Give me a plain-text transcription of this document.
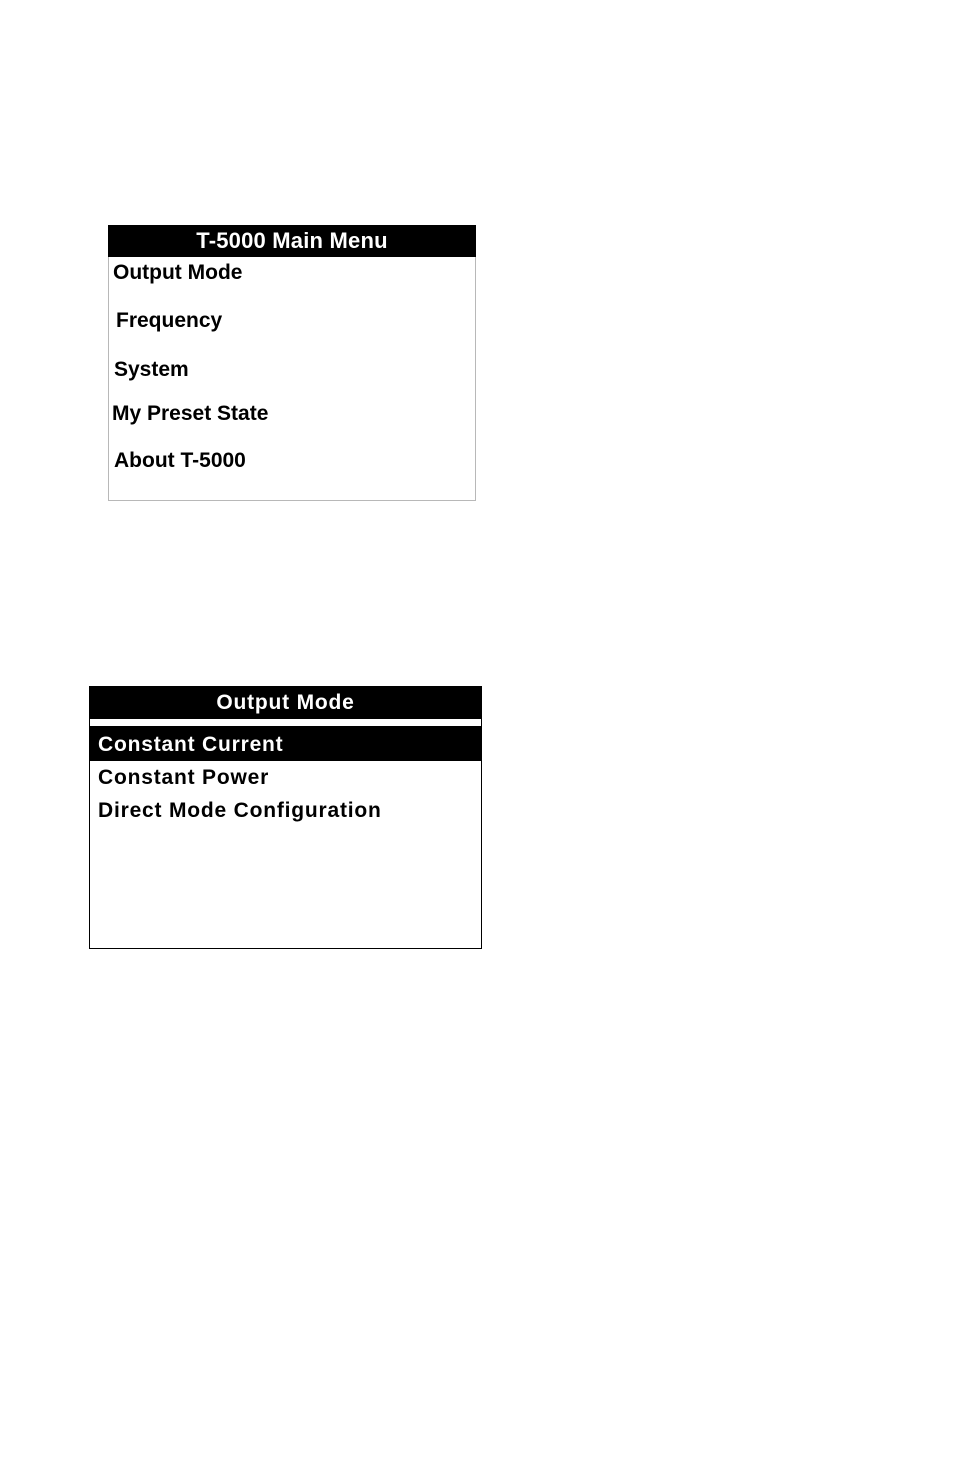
T-5000 Main Menu
Output Mode
Frequency
System
My Preset State
About T-5000
Output Mode
Constant Current
Constant Power
Direct Mode Configuration
